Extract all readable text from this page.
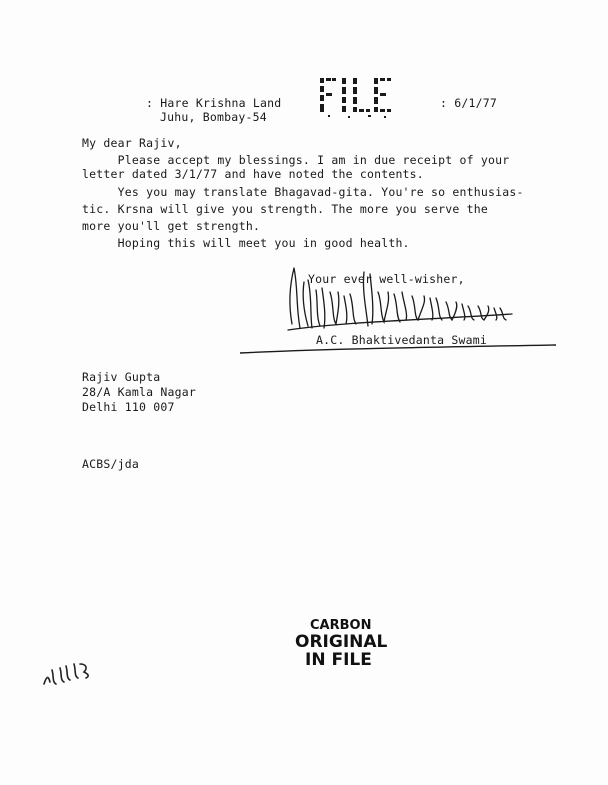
: Hare Krishna Land
Juhu, Bombay-54
: 6/1/77
My dear Rajiv,
Please accept my blessings. I am in due receipt of your
letter dated 3/1/77 and have noted the contents.
Yes you may translate Bhagavad-gita. You're so enthusias-
tic. Krsna will give you strength. The more you serve the
more you'll get strength.
Hoping this will meet you in good health.
Your ever well-wisher,
A.C. Bhaktivedanta Swami
Rajiv Gupta
28/A Kamla Nagar
Delhi 110 007
ACBS/jda
CARBON
ORIGINAL
IN FILE
